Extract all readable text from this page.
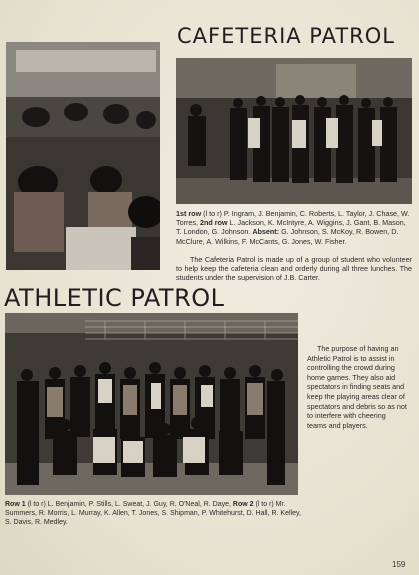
CAFETERIA PATROL

1st row (l to r) P. Ingram, J. Benjamin, C. Roberts, L. Taylor, J. Chase, W. Torres, 2nd row L. Jackson, K. McIntyre, A. Wiggins, J. Gant, B. Mason, T. London, G. Johnson. Absent: G. Johnson, S. McKoy, R. Bowen, D. McClure, A. Wilkins, F. McCants, G. Jones, W. Fisher.

The Cafeteria Patrol is made up of a group of student who volunteer to help keep the cafeteria clean and orderly during all three lunches. The students under the supervision of J.B. Carter.

ATHLETIC PATROL

The purpose of having an Athletic Patrol is to assist in controlling the crowd during home games. They also aid spectators in finding seats and keep the playing areas clear of spectators and debris so as not to interfere with cheering teams and players.

Row 1 (l to r) L. Benjamin, P. Stills, L. Sweat, J. Guy, R. O'Neal, R. Daye, Row 2 (l to r) Mr. Summers, R. Morris, L. Murray, K. Allen, T. Jones, S. Shipman, P. Whitehurst, D. Hall, R. Kelley, S. Davis, R. Medley.

159
